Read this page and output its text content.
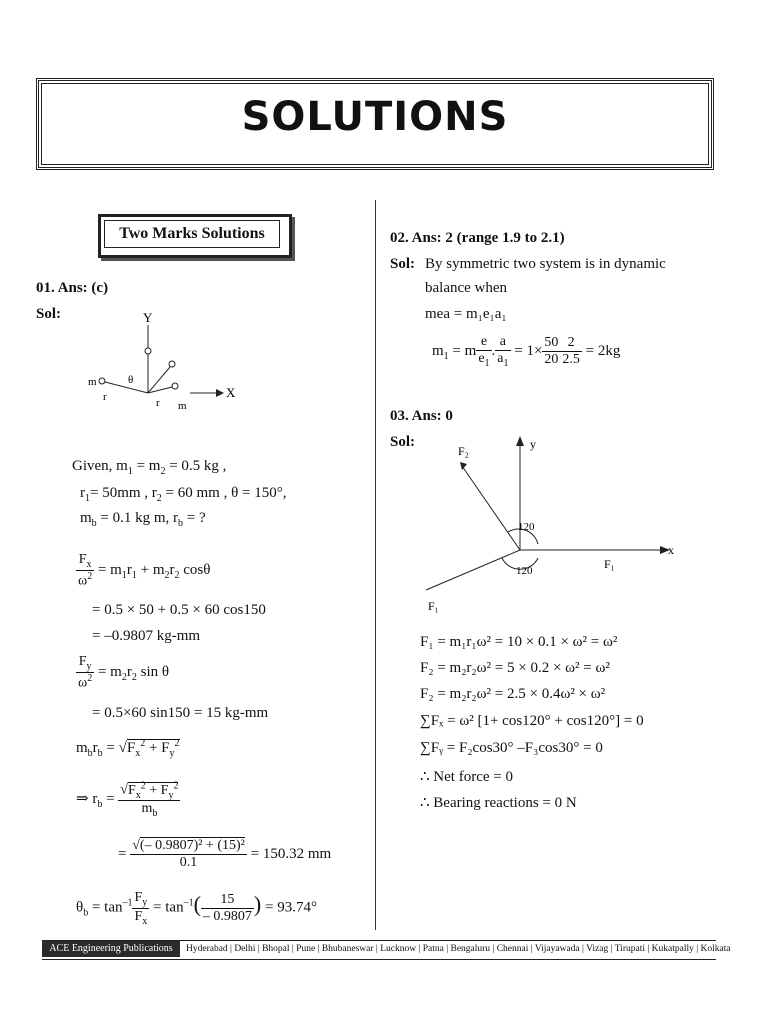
SOLUTIONS
Two Marks Solutions
01. Ans: (c)
Sol:	Y
X
θ
m
r	r m
Given, $m_1 = m_2 = 0.5$ kg ,
$r_1= 50mm$ , $r_2 = 60$ mm , θ = 150°,
$m_b = 0.1$ kg m, $r_b$ = ?
$\frac{F_x}{\omega^2} = m_1r_1 + m_2r_2$ cosθ
= 0.5 × 50 + 0.5 × 60 cos150
= –0.9807 kg-mm
$\frac{F_y}{\omega^2} = m_2r_2$ sin θ
= 0.5×60 sin150 = 15 kg-mm
$m_br_b = √F_x^2 + F_y^2$
⇒ $r_b = \frac{√F_x^2 + F_y^2}{m_b}$
= $\frac{\text{√(– 0.9807)² + (15)²}}{0.1} = 150.32$ mm
$\theta_b = \tan^{-1} \frac{F_y}{F_x} = \tan^{-1}( \frac{15}{- 0.9807}$ ) = 93.74°
02. Ans: 2 (range 1.9 to 2.1)
Sol: By symmetric two system is in dynamic
balance when
mea = m₁e₁a₁
$m_1 = m \frac{e}{e_1}$ . $\frac{a}{a_1} = 1\times \frac{50}{20} \frac{2}{2.5} = 2kg$
03. Ans: 0
Sol:	y
x
F₂
F₁
F₁
120
120
F₁ = m₁r₁ω² = 10 × 0.1 × ω² = ω²
F₂ = m₂r₂ω² = 5 × 0.2 × ω² = ω²
F₂ = m₂r₂ω² = 2.5 × 0.4ω² × ω²
∑Fₓ = ω² [1+ cos120° + cos120°] = 0
∑Fᵧ = F₂cos30° –F₃cos30° = 0
∴ Net force = 0
∴ Bearing reactions = 0 N
ACE Engineering Publications	Hyderabad | Delhi | Bhopal | Pune | Bhubaneswar | Lucknow | Patna | Bengaluru | Chennai | Vijayawada | Vizag | Tirupati | Kukatpally | Kolkata
